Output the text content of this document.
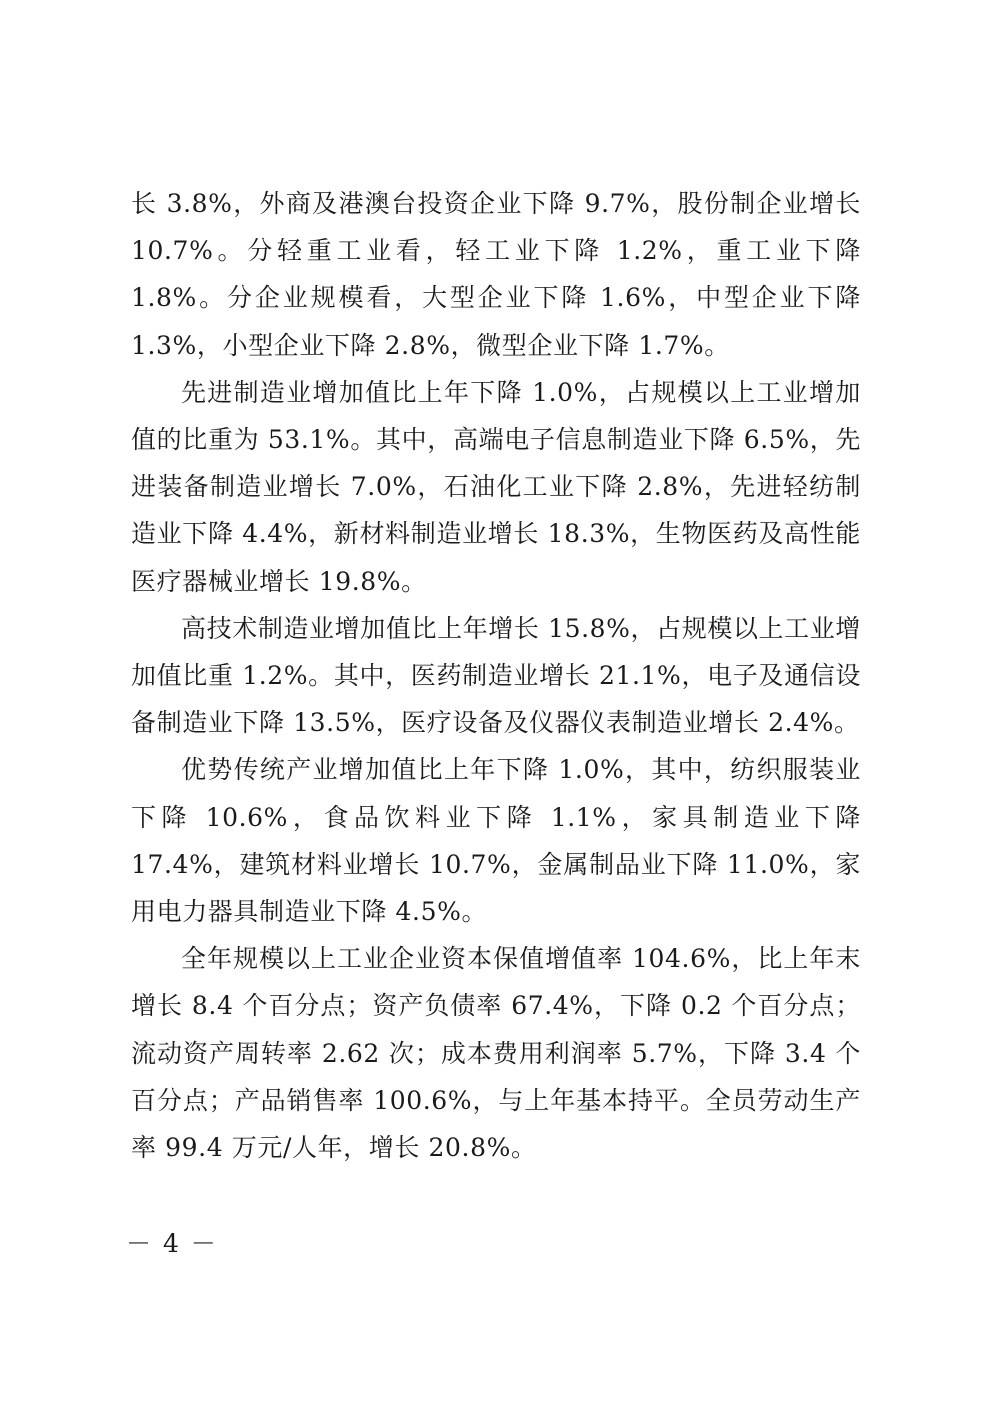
长 3.8%，外商及港澳台投资企业下降 9.7%，股份制企业增长 10.7%。分轻重工业看，轻工业下降 1.2%，重工业下降 1.8%。分企业规模看，大型企业下降 1.6%，中型企业下降 1.3%，小型企业下降 2.8%，微型企业下降 1.7%。

先进制造业增加值比上年下降 1.0%，占规模以上工业增加值的比重为 53.1%。其中，高端电子信息制造业下降 6.5%，先进装备制造业增长 7.0%，石油化工业下降 2.8%，先进轻纺制造业下降 4.4%，新材料制造业增长 18.3%，生物医药及高性能医疗器械业增长 19.8%。

高技术制造业增加值比上年增长 15.8%，占规模以上工业增加值比重 1.2%。其中，医药制造业增长 21.1%，电子及通信设备制造业下降 13.5%，医疗设备及仪器仪表制造业增长 2.4%。

优势传统产业增加值比上年下降 1.0%，其中，纺织服装业下降 10.6%，食品饮料业下降 1.1%，家具制造业下降 17.4%，建筑材料业增长 10.7%，金属制品业下降 11.0%，家用电力器具制造业下降 4.5%。

全年规模以上工业企业资本保值增值率 104.6%，比上年末增长 8.4 个百分点；资产负债率 67.4%，下降 0.2 个百分点；流动资产周转率 2.62 次；成本费用利润率 5.7%，下降 3.4 个百分点；产品销售率 100.6%，与上年基本持平。全员劳动生产率 99.4 万元/人年，增长 20.8%。

－ 4 －
